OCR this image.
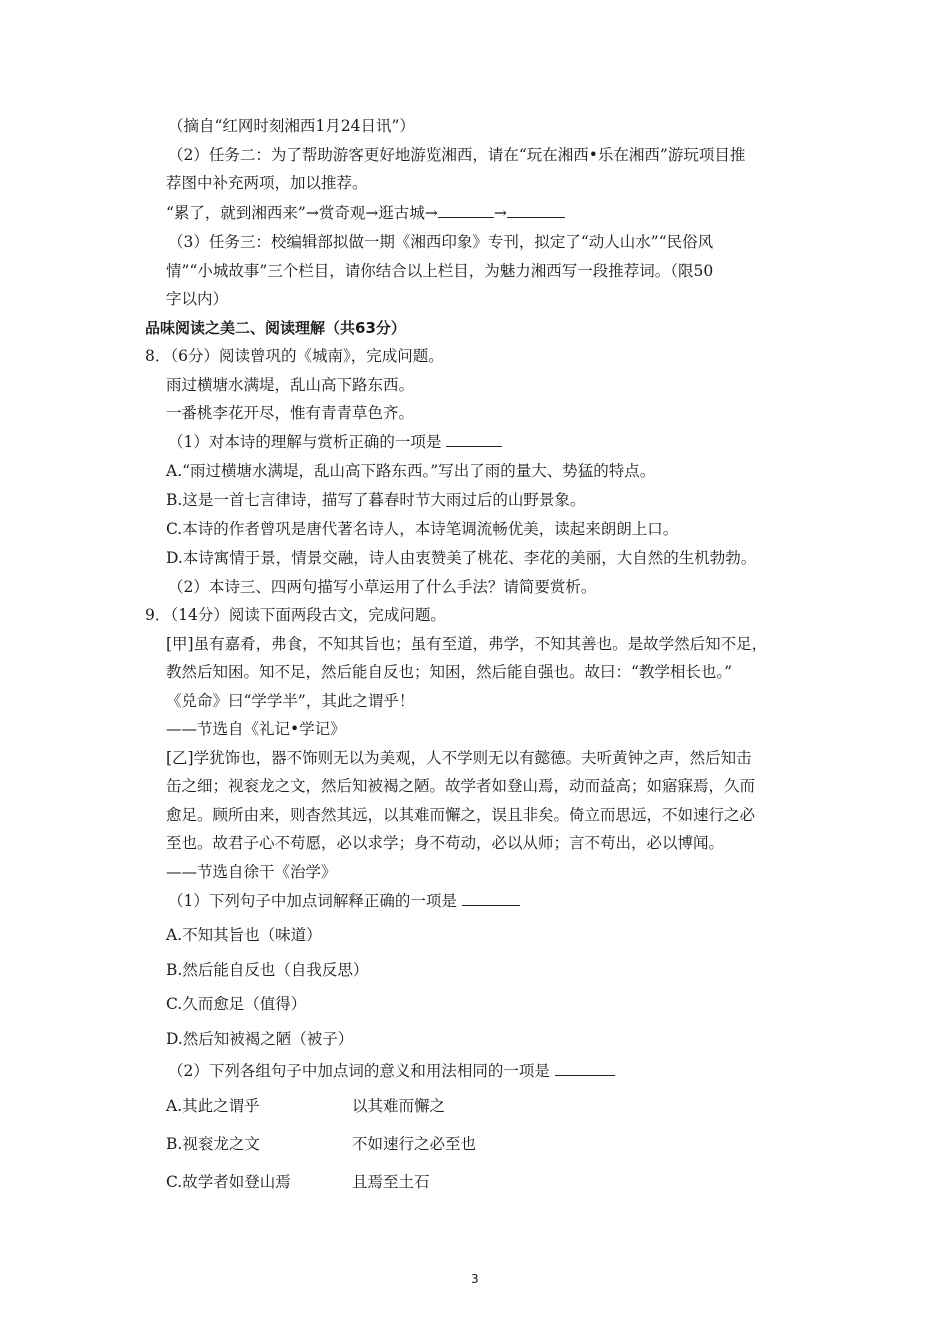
（摘自“红网时刻湘西1月24日讯”）
（2）任务二：为了帮助游客更好地游览湘西，请在“玩在湘西•乐在湘西”游玩项目推
荐图中补充两项，加以推荐。
“累了，就到湘西来”→赏奇观→逛古城→	→
（3）任务三：校编辑部拟做一期《湘西印象》专刊，拟定了“动人山水”“民俗风
情”“小城故事”三个栏目，请你结合以上栏目，为魅力湘西写一段推荐词。（限50
字以内）
品味阅读之美二、阅读理解（共63分）
8．（6分）阅读曾巩的《城南》，完成问题。
雨过横塘水满堤，乱山高下路东西。
一番桃李花开尽，惟有青青草色齐。
（1）对本诗的理解与赏析正确的一项是
A.“雨过横塘水满堤，乱山高下路东西。”写出了雨的量大、势猛的特点。
B.这是一首七言律诗，描写了暮春时节大雨过后的山野景象。
C.本诗的作者曾巩是唐代著名诗人，本诗笔调流畅优美，读起来朗朗上口。
D.本诗寓情于景，情景交融，诗人由衷赞美了桃花、李花的美丽，大自然的生机勃勃。
（2）本诗三、四两句描写小草运用了什么手法？请简要赏析。
9．（14分）阅读下面两段古文，完成问题。
[甲]虽有嘉肴，弗食，不知其旨也；虽有至道，弗学，不知其善也。是故学然后知不足，
教然后知困。知不足，然后能自反也；知困，然后能自强也。故曰：“教学相长也。”
《兑命》曰“学学半”，其此之谓乎！
——节选自《礼记•学记》
[乙]学犹饰也，器不饰则无以为美观，人不学则无以有懿德。夫听黄钟之声，然后知击
缶之细；视衮龙之文，然后知被褐之陋。故学者如登山焉，动而益高；如寤寐焉，久而
愈足。顾所由来，则杳然其远，以其难而懈之，误且非矣。倚立而思远，不如速行之必
至也。故君子心不苟愿，必以求学；身不苟动，必以从师；言不苟出，必以博闻。
——节选自徐干《治学》
（1）下列句子中加点词解释正确的一项是
A.不知其旨也（味道）
B.然后能自反也（自我反思）
C.久而愈足（值得）
D.然后知被褐之陋（被子）
（2）下列各组句子中加点词的意义和用法相同的一项是
A.其此之谓乎	以其难而懈之
B.视衮龙之文	不如速行之必至也
C.故学者如登山焉	且焉至土石
3
